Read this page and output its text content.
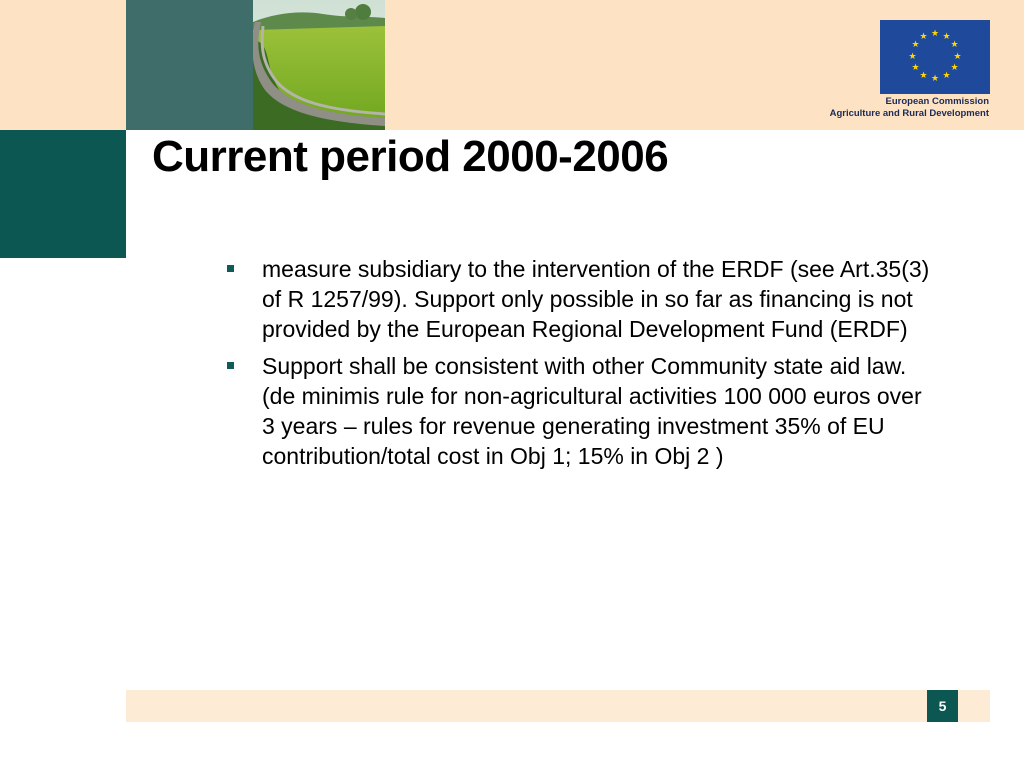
Current period 2000-2006
★ ★
★
★
★
★
★
★
★
★
★
★
European Commission
Agriculture and Rural Development
measure subsidiary to the intervention of the ERDF (see Art.35(3) of R 1257/99). Support only possible in so far as financing is not provided by the European Regional Development Fund (ERDF)
Support shall be consistent with other Community state aid law. (de minimis rule for non-agricultural activities 100 000 euros over 3 years – rules for revenue generating investment 35% of EU contribution/total cost in Obj 1; 15% in Obj 2 )
5
